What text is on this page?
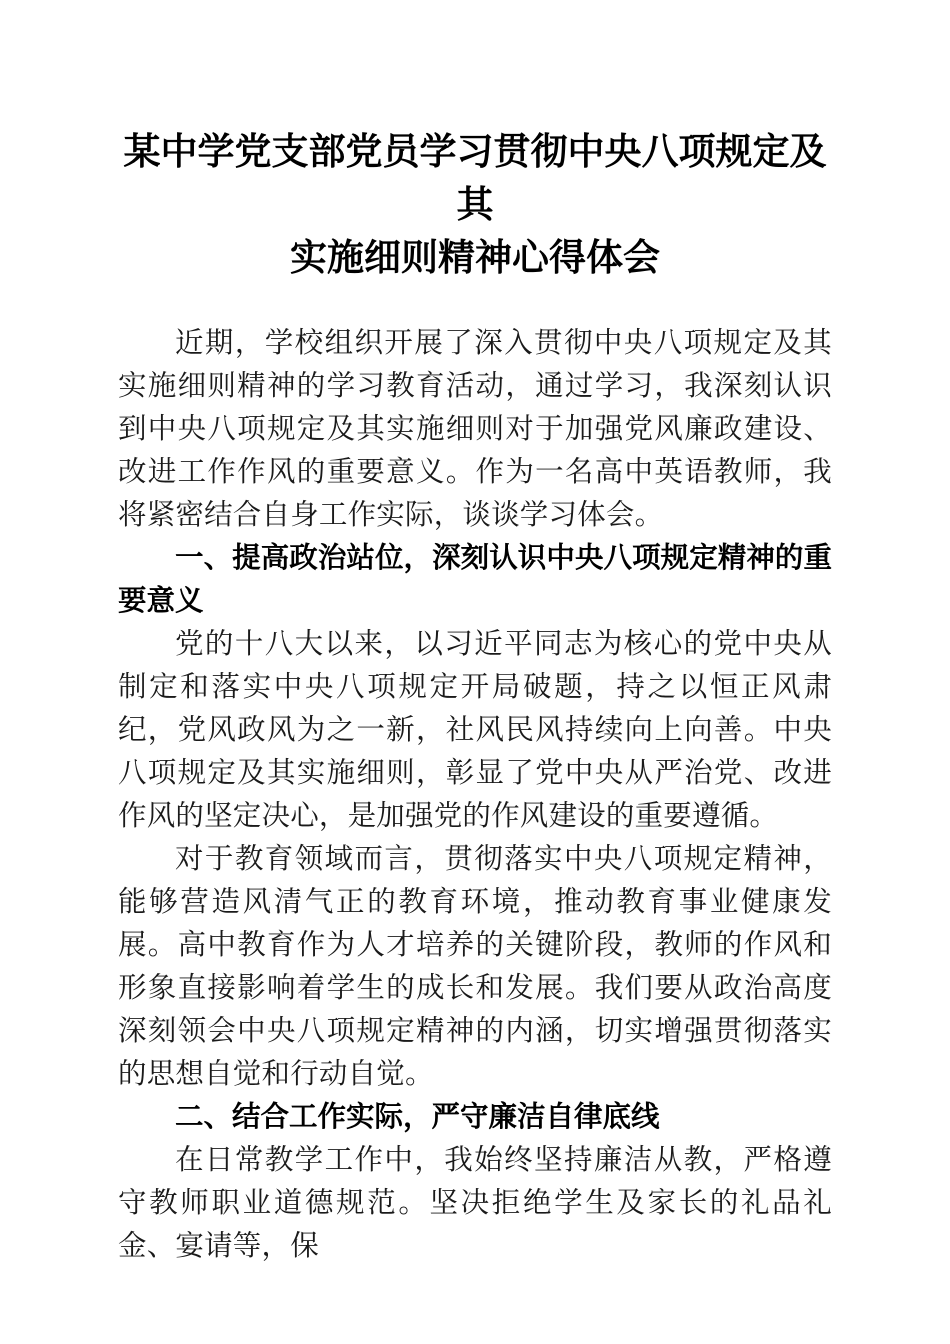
某中学党支部党员学习贯彻中央八项规定及其
实施细则精神心得体会

近期，学校组织开展了深入贯彻中央八项规定及其实施细则精神的学习教育活动，通过学习，我深刻认识到中央八项规定及其实施细则对于加强党风廉政建设、改进工作作风的重要意义。作为一名高中英语教师，我将紧密结合自身工作实际，谈谈学习体会。

一、提高政治站位，深刻认识中央八项规定精神的重要意义

党的十八大以来，以习近平同志为核心的党中央从制定和落实中央八项规定开局破题，持之以恒正风肃纪，党风政风为之一新，社风民风持续向上向善。中央八项规定及其实施细则，彰显了党中央从严治党、改进作风的坚定决心，是加强党的作风建设的重要遵循。

对于教育领域而言，贯彻落实中央八项规定精神，能够营造风清气正的教育环境，推动教育事业健康发展。高中教育作为人才培养的关键阶段，教师的作风和形象直接影响着学生的成长和发展。我们要从政治高度深刻领会中央八项规定精神的内涵，切实增强贯彻落实的思想自觉和行动自觉。

二、结合工作实际，严守廉洁自律底线

在日常教学工作中，我始终坚持廉洁从教，严格遵守教师职业道德规范。坚决拒绝学生及家长的礼品礼金、宴请等，保
